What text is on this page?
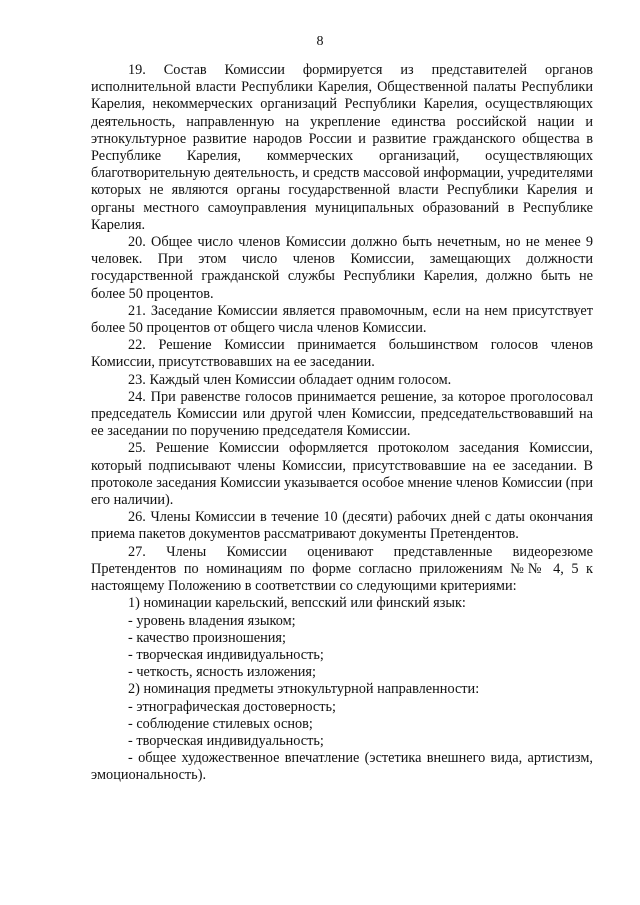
8

19. Состав Комиссии формируется из представителей органов исполнительной власти Республики Карелия, Общественной палаты Республики Карелия, некоммерческих организаций Республики Карелия, осуществляющих деятельность, направленную на укрепление единства российской нации и этнокультурное развитие народов России и развитие гражданского общества в Республике Карелия, коммерческих организаций, осуществляющих благотворительную деятельность, и средств массовой информации, учредителями которых не являются органы государственной власти Республики Карелия и органы местного самоуправления муниципальных образований в Республике Карелия.

20. Общее число членов Комиссии должно быть нечетным, но не менее 9 человек. При этом число членов Комиссии, замещающих должности государственной гражданской службы Республики Карелия, должно быть не более 50 процентов.

21. Заседание Комиссии является правомочным, если на нем присутствует более 50 процентов от общего числа членов Комиссии.

22. Решение Комиссии принимается большинством голосов членов Комиссии, присутствовавших на ее заседании.

23. Каждый член Комиссии обладает одним голосом.

24. При равенстве голосов принимается решение, за которое проголосовал председатель Комиссии или другой член Комиссии, председательствовавший на ее заседании по поручению председателя Комиссии.

25. Решение Комиссии оформляется протоколом заседания Комиссии, который подписывают члены Комиссии, присутствовавшие на ее заседании. В протоколе заседания Комиссии указывается особое мнение членов Комиссии (при его наличии).

26. Члены Комиссии в течение 10 (десяти) рабочих дней с даты окончания приема пакетов документов рассматривают документы Претендентов.

27. Члены Комиссии оценивают представленные видеорезюме Претендентов по номинациям по форме согласно приложениям №№ 4, 5 к настоящему Положению в соответствии со следующими критериями:

1) номинации карельский, вепсский или финский язык:

- уровень владения языком;

- качество произношения;

- творческая индивидуальность;

- четкость, ясность изложения;

2) номинация предметы этнокультурной направленности:

- этнографическая достоверность;

- соблюдение стилевых основ;

- творческая индивидуальность;

- общее художественное впечатление (эстетика внешнего вида, артистизм, эмоциональность).
